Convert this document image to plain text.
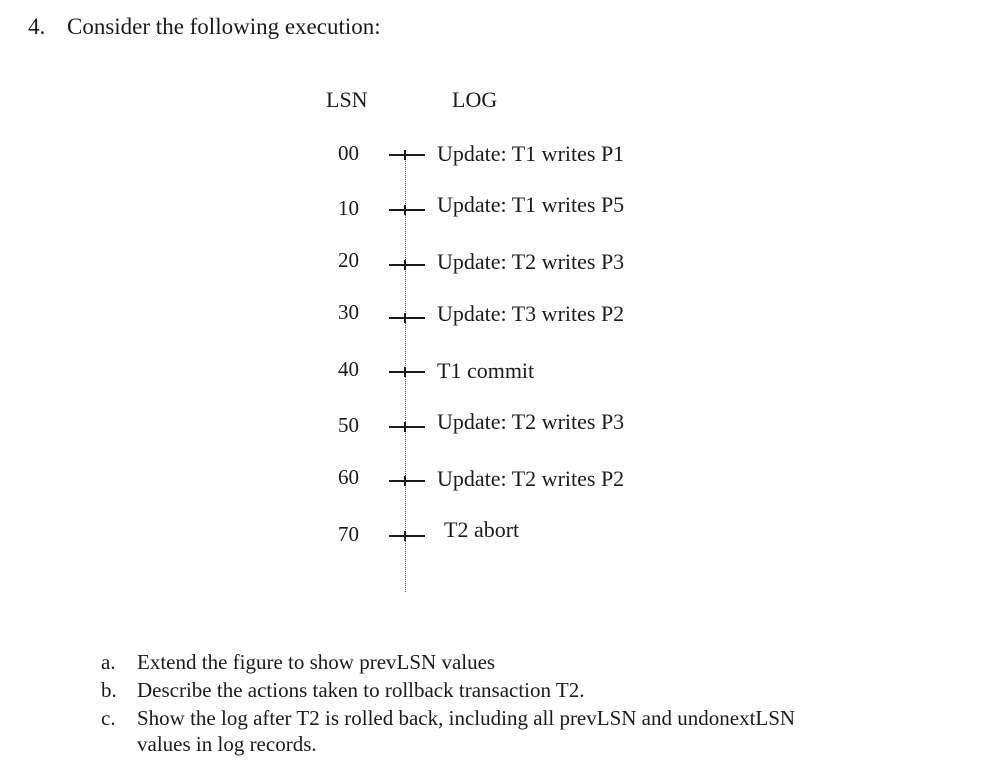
4. Consider the following execution:
LSN	LOG
00	Update: T1 writes P1
10	Update: T1 writes P5
20	Update: T2 writes P3
30	Update: T3 writes P2
40	T1 commit
50	Update: T2 writes P3
60	Update: T2 writes P2
70	T2 abort
a. Extend the figure to show prevLSN values
b. Describe the actions taken to rollback transaction T2.
c. Show the log after T2 is rolled back, including all prevLSN and undonextLSN
values in log records.
